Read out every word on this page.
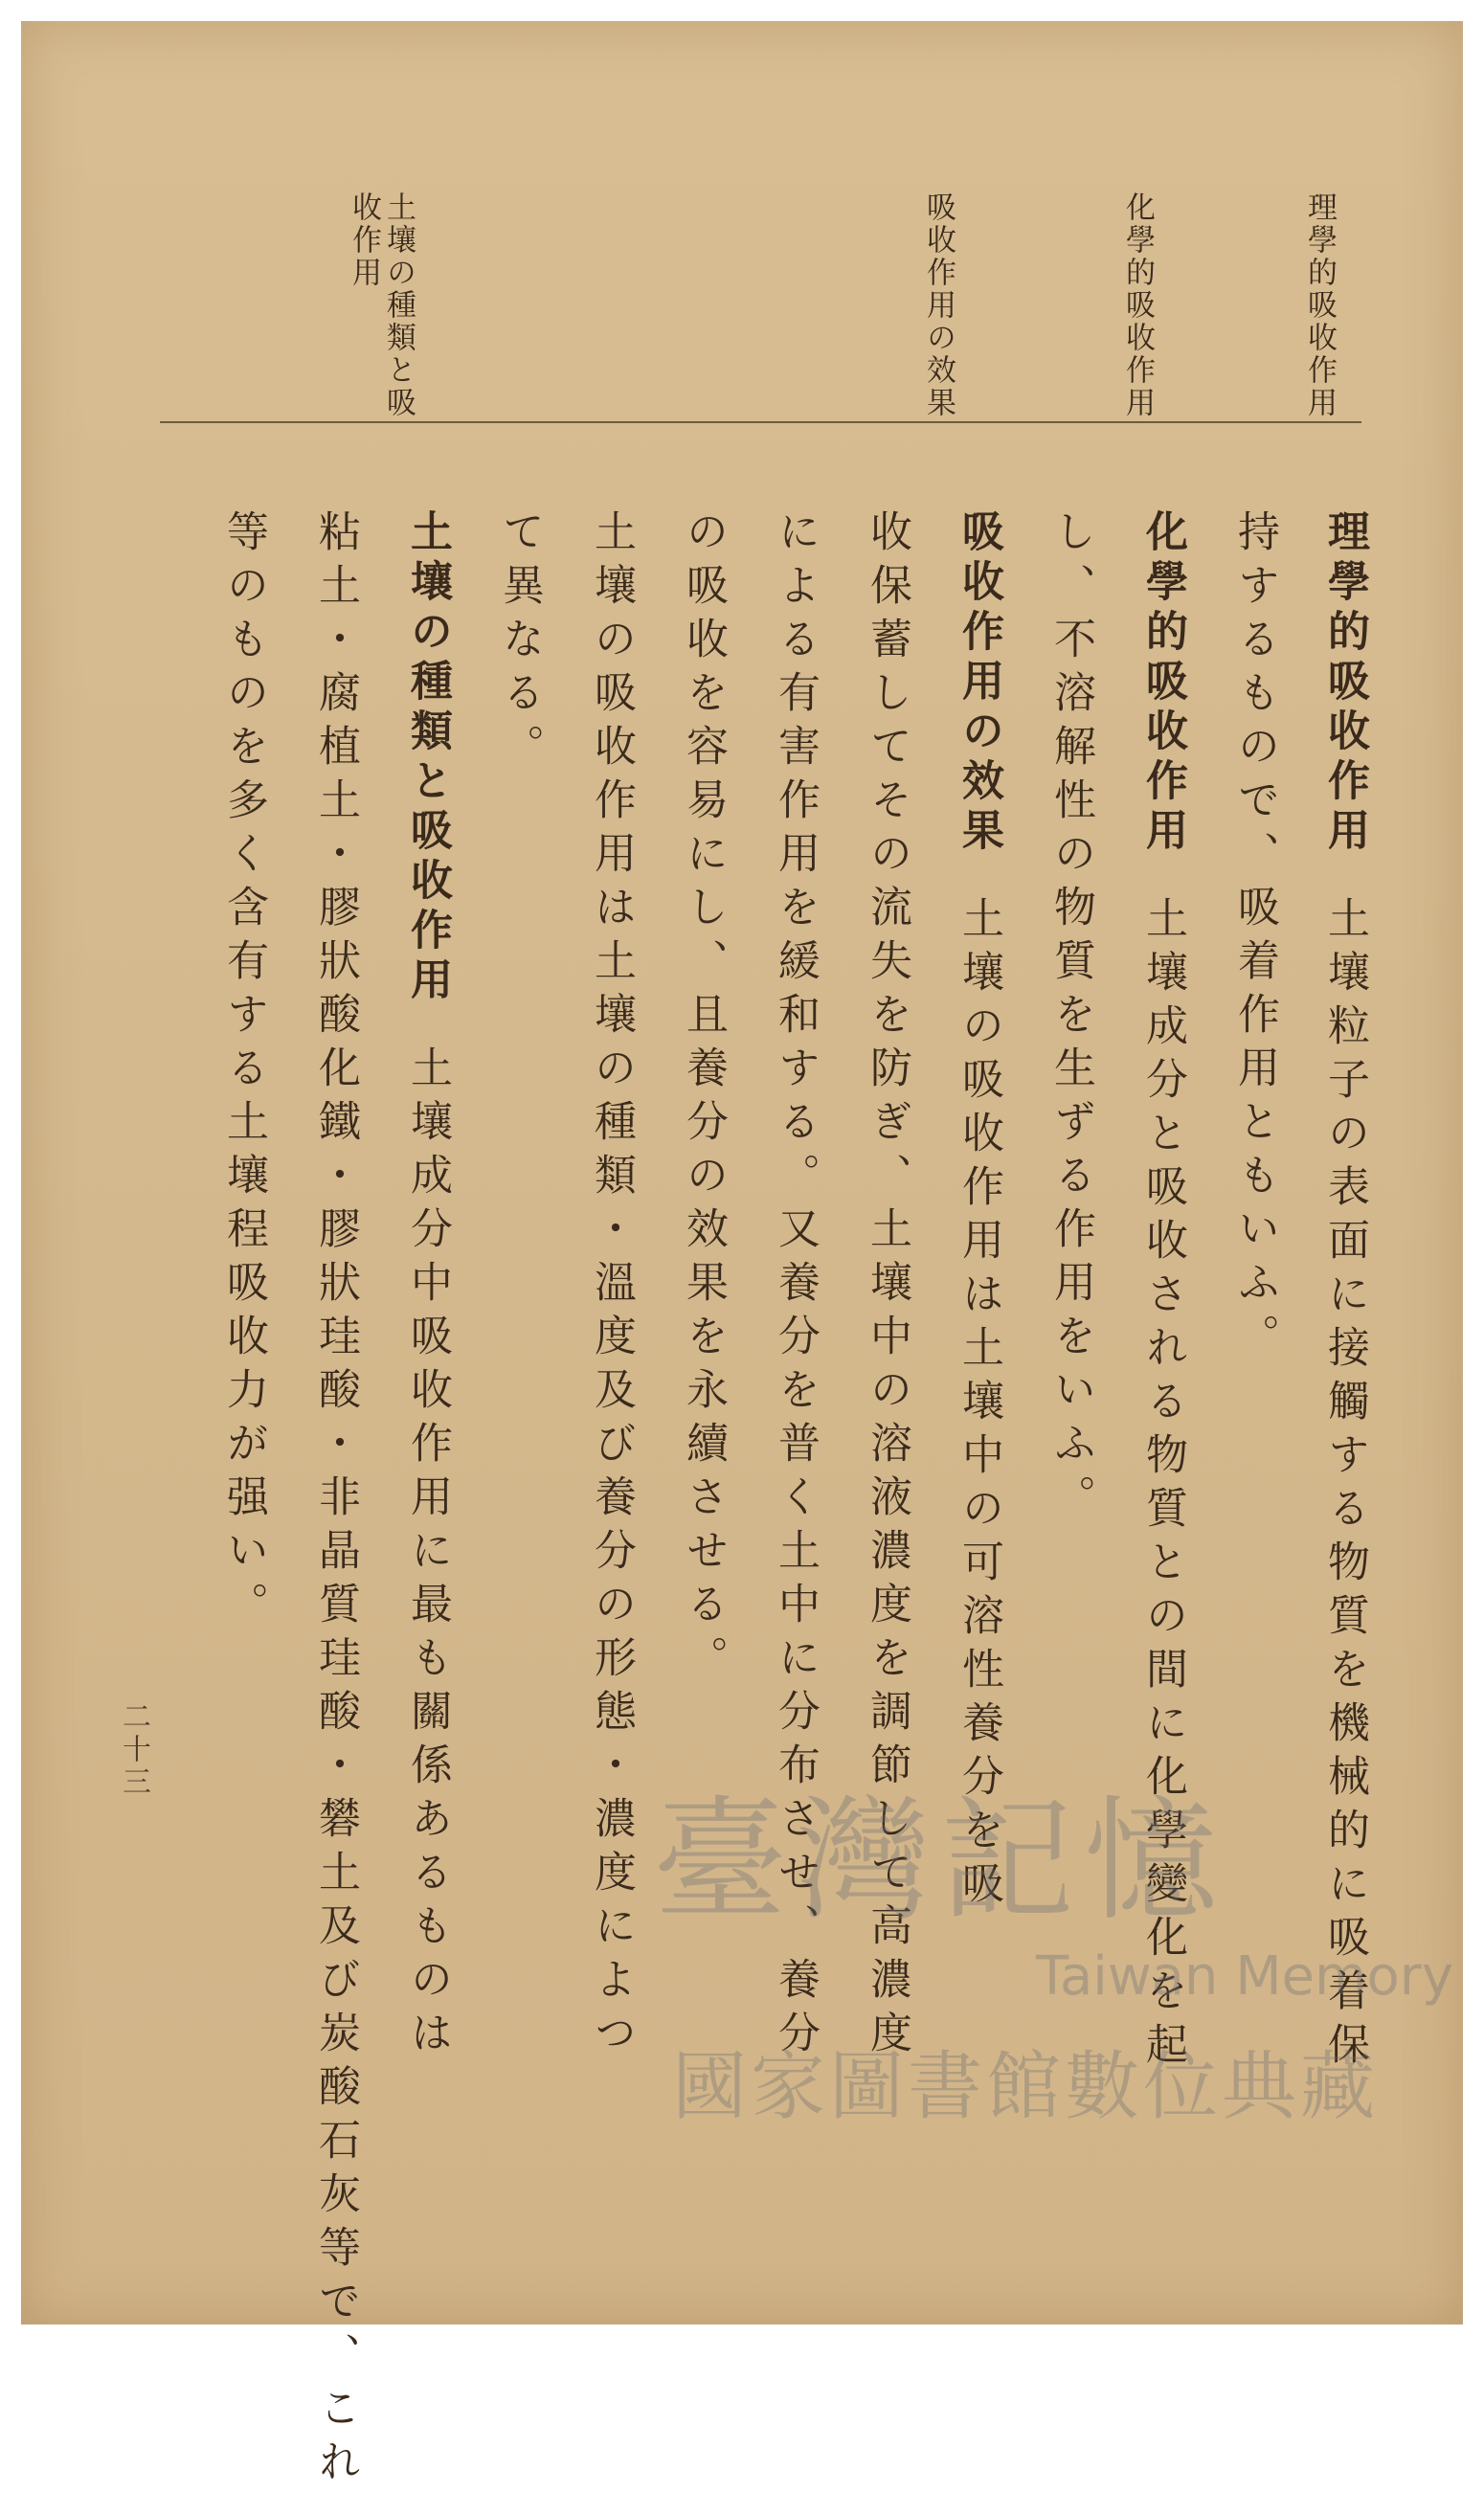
理學的吸收作用
化學的吸收作用
吸收作用の效果
土壤の種類と吸收作用
理學的吸收作用土壤粒子の表面に接觸する物質を機械的に吸着保
持するもので、吸着作用ともいふ。
化學的吸收作用土壤成分と吸收される物質との間に化學變化を起
し、不溶解性の物質を生ずる作用をいふ。
吸收作用の效果土壤の吸收作用は土壤中の可溶性養分を吸
收保蓄してその流失を防ぎ、土壤中の溶液濃度を調節して高濃度
による有害作用を緩和する。又養分を普く土中に分布させ、養分
の吸收を容易にし、且養分の效果を永續させる。
土壤の吸收作用は土壤の種類・溫度及び養分の形態・濃度によつ
て異なる。
土壤の種類と吸收作用土壤成分中吸收作用に最も關係あるものは
粘土・腐植土・膠狀酸化鐵・膠狀珪酸・非晶質珪酸・礬土及び炭酸石灰等で、これ
等のものを多く含有する土壤程吸收力が强い。
二十三
臺灣記憶
Taiwan Memory
國家圖書館數位典藏
